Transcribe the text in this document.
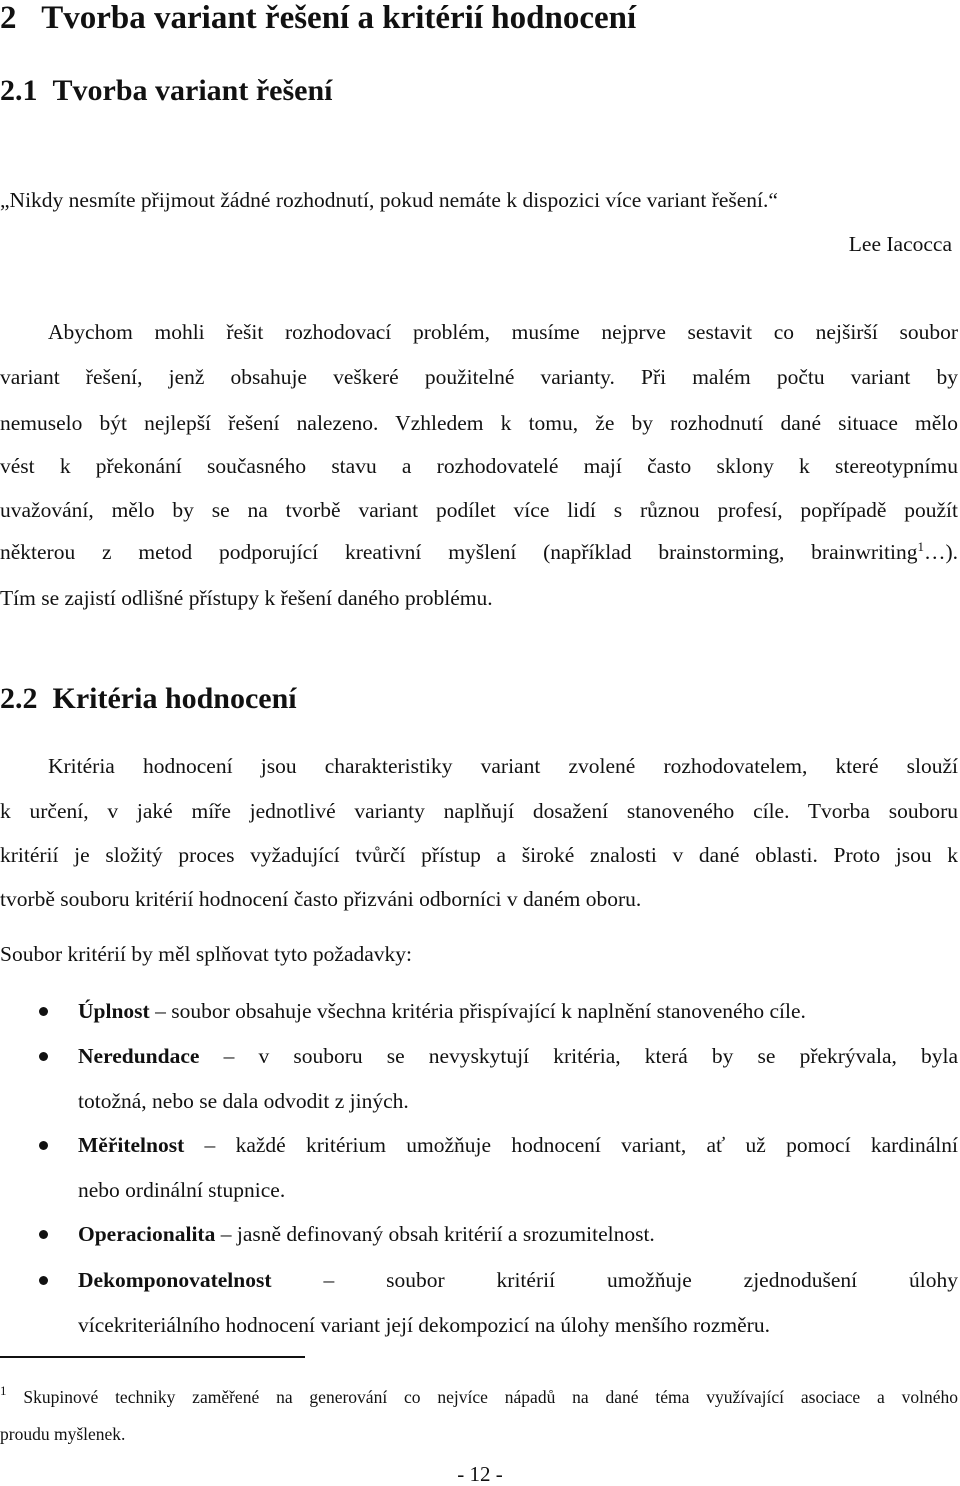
2 Tvorba variant řešení a kritérií hodnocení
2.1 Tvorba variant řešení
„Nikdy nesmíte přijmout žádné rozhodnutí, pokud nemáte k dispozici více variant řešení.“
Lee Iacocca
Abychom mohli řešit rozhodovací problém, musíme nejprve sestavit co nejširší soubor
variant řešení, jenž obsahuje veškeré použitelné varianty. Při malém počtu variant by
nemuselo být nejlepší řešení nalezeno. Vzhledem k tomu, že by rozhodnutí dané situace mělo
vést k překonání současného stavu a rozhodovatelé mají často sklony k stereotypnímu
uvažování, mělo by se na tvorbě variant podílet více lidí s různou profesí, popřípadě použít
některou z metod podporující kreativní myšlení (například brainstorming, brainwriting$^1$…).
Tím se zajistí odlišné přístupy k řešení daného problému.
2.2 Kritéria hodnocení
Kritéria hodnocení jsou charakteristiky variant zvolené rozhodovatelem, které slouží
k určení, v jaké míře jednotlivé varianty naplňují dosažení stanoveného cíle. Tvorba souboru
kritérií je složitý proces vyžadující tvůrčí přístup a široké znalosti v dané oblasti. Proto jsou k
tvorbě souboru kritérií hodnocení často přizváni odborníci v daném oboru.
Soubor kritérií by měl splňovat tyto požadavky:
Úplnost – soubor obsahuje všechna kritéria přispívající k naplnění stanoveného cíle.
Neredundace – v souboru se nevyskytují kritéria, která by se překrývala, byla
totožná, nebo se dala odvodit z jiných.
Měřitelnost – každé kritérium umožňuje hodnocení variant, ať už pomocí kardinální
nebo ordinální stupnice.
Operacionalita – jasně definovaný obsah kritérií a srozumitelnost.
Dekomponovatelnost – soubor kritérií umožňuje zjednodušení úlohy
vícekriteriálního hodnocení variant její dekompozicí na úlohy menšího rozměru.
$^1$ Skupinové techniky zaměřené na generování co nejvíce nápadů na dané téma využívající asociace a volného
proudu myšlenek.
- 12 -
